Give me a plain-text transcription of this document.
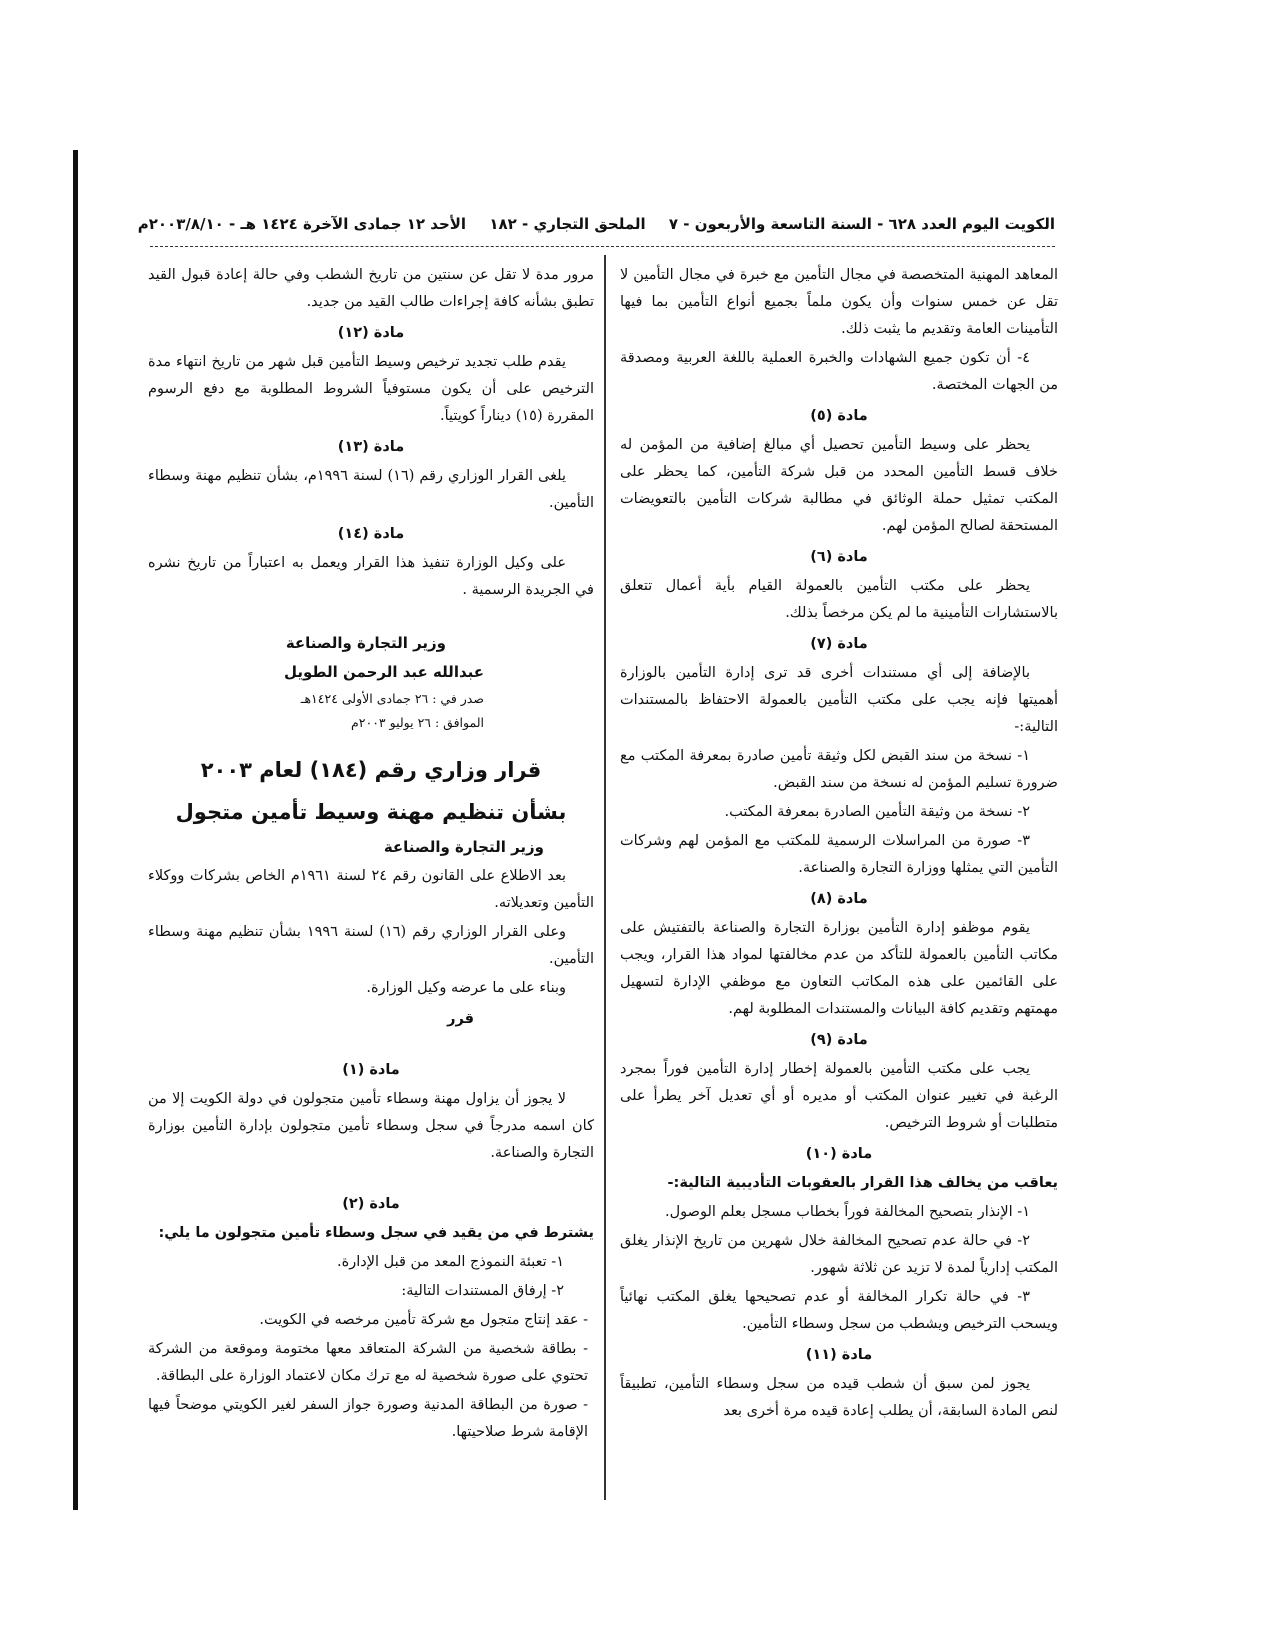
الكويت اليوم العدد ٦٢٨ - السنة التاسعة والأربعون - ٧ الملحق التجاري - ١٨٢ الأحد ١٢ جمادى الآخرة ١٤٢٤ هـ - ٢٠٠٣/٨/١٠م

المعاهد المهنية المتخصصة في مجال التأمين مع خبرة في مجال التأمين لا تقل عن خمس سنوات وأن يكون ملماً بجميع أنواع التأمين بما فيها التأمينات العامة وتقديم ما يثبت ذلك.

٤- أن تكون جميع الشهادات والخبرة العملية باللغة العربية ومصدقة من الجهات المختصة.

مادة (٥)

يحظر على وسيط التأمين تحصيل أي مبالغ إضافية من المؤمن له خلاف قسط التأمين المحدد من قبل شركة التأمين، كما يحظر على المكتب تمثيل حملة الوثائق في مطالبة شركات التأمين بالتعويضات المستحقة لصالح المؤمن لهم.

مادة (٦)

يحظر على مكتب التأمين بالعمولة القيام بأية أعمال تتعلق بالاستشارات التأمينية ما لم يكن مرخصاً بذلك.

مادة (٧)

بالإضافة إلى أي مستندات أخرى قد ترى إدارة التأمين بالوزارة أهميتها فإنه يجب على مكتب التأمين بالعمولة الاحتفاظ بالمستندات التالية:-

١- نسخة من سند القبض لكل وثيقة تأمين صادرة بمعرفة المكتب مع ضرورة تسليم المؤمن له نسخة من سند القبض.

٢- نسخة من وثيقة التأمين الصادرة بمعرفة المكتب.

٣- صورة من المراسلات الرسمية للمكتب مع المؤمن لهم وشركات التأمين التي يمثلها ووزارة التجارة والصناعة.

مادة (٨)

يقوم موظفو إدارة التأمين بوزارة التجارة والصناعة بالتفتيش على مكاتب التأمين بالعمولة للتأكد من عدم مخالفتها لمواد هذا القرار، ويجب على القائمين على هذه المكاتب التعاون مع موظفي الإدارة لتسهيل مهمتهم وتقديم كافة البيانات والمستندات المطلوبة لهم.

مادة (٩)

يجب على مكتب التأمين بالعمولة إخطار إدارة التأمين فوراً بمجرد الرغبة في تغيير عنوان المكتب أو مديره أو أي تعديل آخر يطرأ على متطلبات أو شروط الترخيص.

مادة (١٠)

يعاقب من يخالف هذا القرار بالعقوبات التأديبية التالية:-

١- الإنذار بتصحيح المخالفة فوراً بخطاب مسجل بعلم الوصول.

٢- في حالة عدم تصحيح المخالفة خلال شهرين من تاريخ الإنذار يغلق المكتب إدارياً لمدة لا تزيد عن ثلاثة شهور.

٣- في حالة تكرار المخالفة أو عدم تصحيحها يغلق المكتب نهائياً ويسحب الترخيص ويشطب من سجل وسطاء التأمين.

مادة (١١)

يجوز لمن سبق أن شطب قيده من سجل وسطاء التأمين، تطبيقاً لنص المادة السابقة، أن يطلب إعادة قيده مرة أخرى بعد

مرور مدة لا تقل عن سنتين من تاريخ الشطب وفي حالة إعادة قبول القيد تطبق بشأنه كافة إجراءات طالب القيد من جديد.

مادة (١٢)

يقدم طلب تجديد ترخيص وسيط التأمين قبل شهر من تاريخ انتهاء مدة الترخيص على أن يكون مستوفياً الشروط المطلوبة مع دفع الرسوم المقررة (١٥) ديناراً كويتياً.

مادة (١٣)

يلغى القرار الوزاري رقم (١٦) لسنة ١٩٩٦م، بشأن تنظيم مهنة وسطاء التأمين.

مادة (١٤)

على وكيل الوزارة تنفيذ هذا القرار ويعمل به اعتباراً من تاريخ نشره في الجريدة الرسمية .

وزير التجارة والصناعة

عبدالله عبد الرحمن الطويل

صدر في : ٢٦ جمادى الأولى ١٤٢٤هـ

الموافق : ٢٦ يوليو ٢٠٠٣م

قرار وزاري رقم (١٨٤) لعام ٢٠٠٣

بشأن تنظيم مهنة وسيط تأمين متجول

وزير التجارة والصناعة

بعد الاطلاع على القانون رقم ٢٤ لسنة ١٩٦١م الخاص بشركات ووكلاء التأمين وتعديلاته.

وعلى القرار الوزاري رقم (١٦) لسنة ١٩٩٦ بشأن تنظيم مهنة وسطاء التأمين.

وبناء على ما عرضه وكيل الوزارة.

قرر
مادة (١)

لا يجوز أن يزاول مهنة وسطاء تأمين متجولون في دولة الكويت إلا من كان اسمه مدرجاً في سجل وسطاء تأمين متجولون بإدارة التأمين بوزارة التجارة والصناعة.

مادة (٢)

يشترط في من يقيد في سجل وسطاء تأمين متجولون ما يلي:

١- تعبئة النموذج المعد من قبل الإدارة.

٢- إرفاق المستندات التالية:

- عقد إنتاج متجول مع شركة تأمين مرخصه في الكويت.

- بطاقة شخصية من الشركة المتعاقد معها مختومة وموقعة من الشركة تحتوي على صورة شخصية له مع ترك مكان لاعتماد الوزارة على البطاقة.

- صورة من البطاقة المدنية وصورة جواز السفر لغير الكويتي موضحاً فيها الإقامة شرط صلاحيتها.
